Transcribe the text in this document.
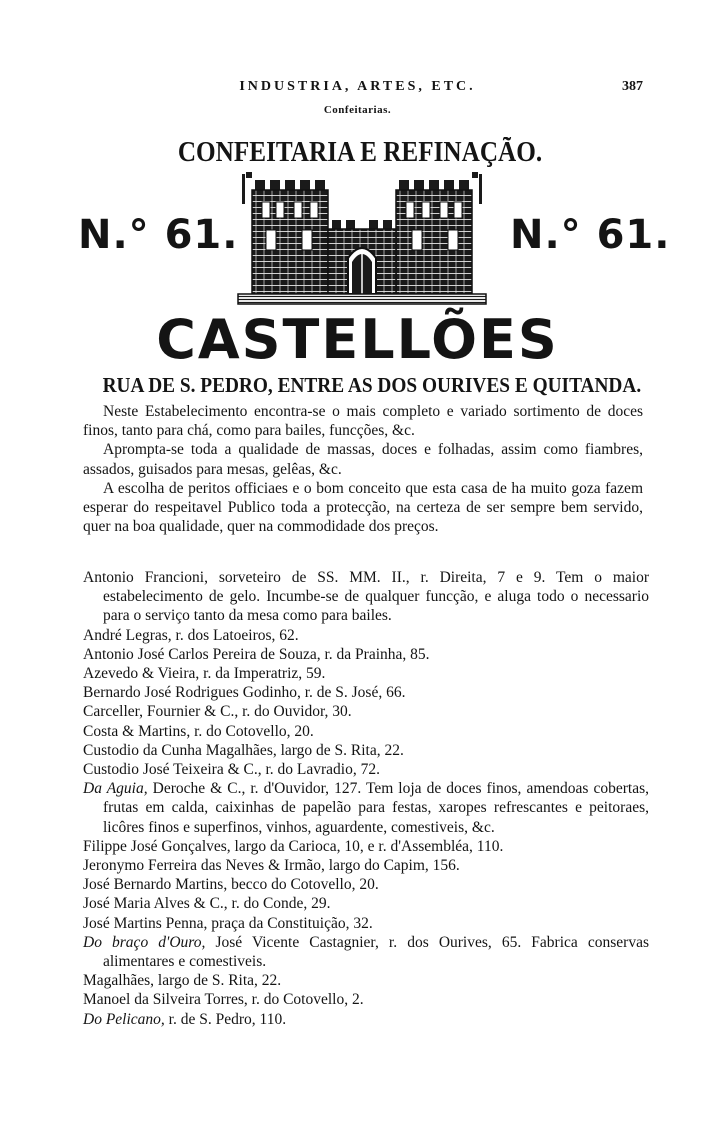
INDUSTRIA, ARTES, ETC.	387
Confeitarias.
CONFEITARIA E REFINAÇÃO.
N.° 61.	N.° 61.
CASTELLÕES
RUA DE S. PEDRO, ENTRE AS DOS OURIVES E QUITANDA.

Neste Estabelecimento encontra-se o mais completo e variado sortimento de doces finos, tanto para chá, como para bailes, funcções, &c.

Aprompta-se toda a qualidade de massas, doces e folhadas, assim como fiambres, assados, guisados para mesas, gelêas, &c.

A escolha de peritos officiaes e o bom conceito que esta casa de ha muito goza fazem esperar do respeitavel Publico toda a protecção, na certeza de ser sempre bem servido, quer na boa qualidade, quer na commodidade dos preços.

Antonio Francioni, sorveteiro de SS. MM. II., r. Direita, 7 e 9. Tem o maior estabelecimento de gelo. Incumbe-se de qualquer funcção, e aluga todo o necessario para o serviço tanto da mesa como para bailes.
André Legras, r. dos Latoeiros, 62.
Antonio José Carlos Pereira de Souza, r. da Prainha, 85.
Azevedo & Vieira, r. da Imperatriz, 59.
Bernardo José Rodrigues Godinho, r. de S. José, 66.
Carceller, Fournier & C., r. do Ouvidor, 30.
Costa & Martins, r. do Cotovello, 20.
Custodio da Cunha Magalhães, largo de S. Rita, 22.
Custodio José Teixeira & C., r. do Lavradio, 72.
Da Aguia, Deroche & C., r. d'Ouvidor, 127. Tem loja de doces finos, amendoas cobertas, frutas em calda, caixinhas de papelão para festas, xaropes refrescantes e peitoraes, licôres finos e superfinos, vinhos, aguardente, comestiveis, &c.
Filippe José Gonçalves, largo da Carioca, 10, e r. d'Assembléa, 110.
Jeronymo Ferreira das Neves & Irmão, largo do Capim, 156.
José Bernardo Martins, becco do Cotovello, 20.
José Maria Alves & C., r. do Conde, 29.
José Martins Penna, praça da Constituição, 32.
Do braço d'Ouro, José Vicente Castagnier, r. dos Ourives, 65. Fabrica conservas alimentares e comestiveis.
Magalhães, largo de S. Rita, 22.
Manoel da Silveira Torres, r. do Cotovello, 2.
Do Pelicano, r. de S. Pedro, 110.
